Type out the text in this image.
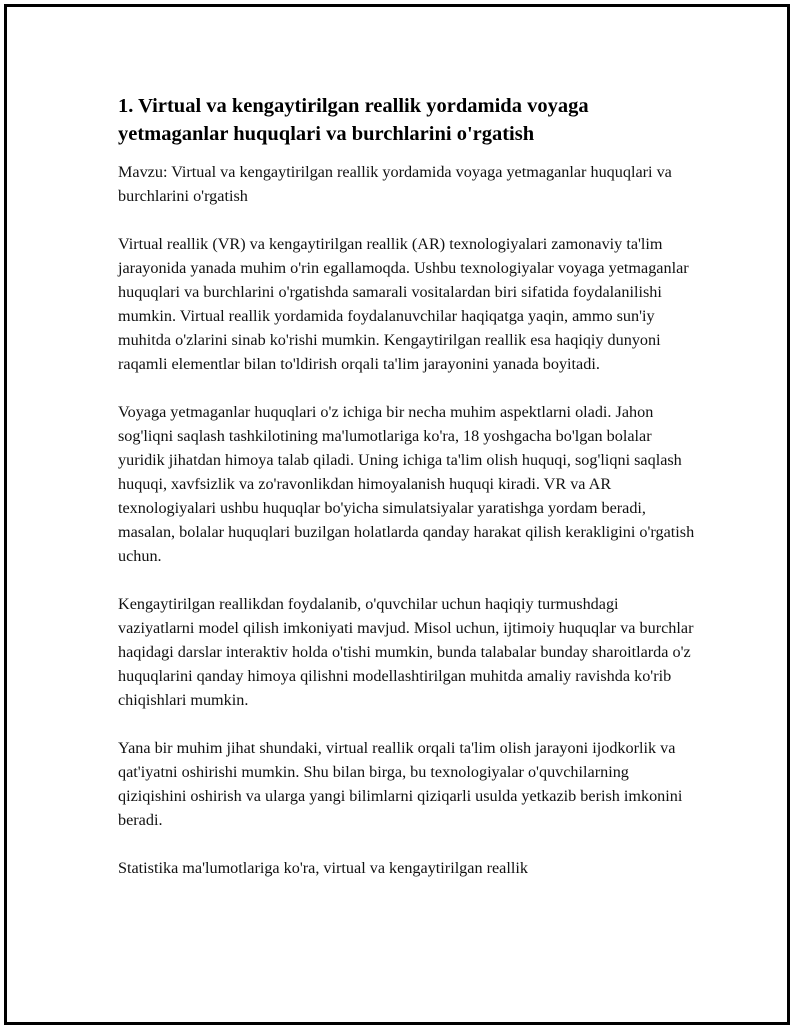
1. Virtual va kengaytirilgan reallik yordamida voyaga yetmaganlar huquqlari va burchlarini o'rgatish

Mavzu: Virtual va kengaytirilgan reallik yordamida voyaga yetmaganlar huquqlari va burchlarini o'rgatish

Virtual reallik (VR) va kengaytirilgan reallik (AR) texnologiyalari zamonaviy ta'lim jarayonida yanada muhim o'rin egallamoqda. Ushbu texnologiyalar voyaga yetmaganlar huquqlari va burchlarini o'rgatishda samarali vositalardan biri sifatida foydalanilishi mumkin. Virtual reallik yordamida foydalanuvchilar haqiqatga yaqin, ammo sun'iy muhitda o'zlarini sinab ko'rishi mumkin. Kengaytirilgan reallik esa haqiqiy dunyoni raqamli elementlar bilan to'ldirish orqali ta'lim jarayonini yanada boyitadi.

Voyaga yetmaganlar huquqlari o'z ichiga bir necha muhim aspektlarni oladi. Jahon sog'liqni saqlash tashkilotining ma'lumotlariga ko'ra, 18 yoshgacha bo'lgan bolalar yuridik jihatdan himoya talab qiladi. Uning ichiga ta'lim olish huquqi, sog'liqni saqlash huquqi, xavfsizlik va zo'ravonlikdan himoyalanish huquqi kiradi. VR va AR texnologiyalari ushbu huquqlar bo'yicha simulatsiyalar yaratishga yordam beradi, masalan, bolalar huquqlari buzilgan holatlarda qanday harakat qilish kerakligini o'rgatish uchun.

Kengaytirilgan reallikdan foydalanib, o'quvchilar uchun haqiqiy turmushdagi vaziyatlarni model qilish imkoniyati mavjud. Misol uchun, ijtimoiy huquqlar va burchlar haqidagi darslar interaktiv holda o'tishi mumkin, bunda talabalar bunday sharoitlarda o'z huquqlarini qanday himoya qilishni modellashtirilgan muhitda amaliy ravishda ko'rib chiqishlari mumkin.

Yana bir muhim jihat shundaki, virtual reallik orqali ta'lim olish jarayoni ijodkorlik va qat'iyatni oshirishi mumkin. Shu bilan birga, bu texnologiyalar o'quvchilarning qiziqishini oshirish va ularga yangi bilimlarni qiziqarli usulda yetkazib berish imkonini beradi.

Statistika ma'lumotlariga ko'ra, virtual va kengaytirilgan reallik
